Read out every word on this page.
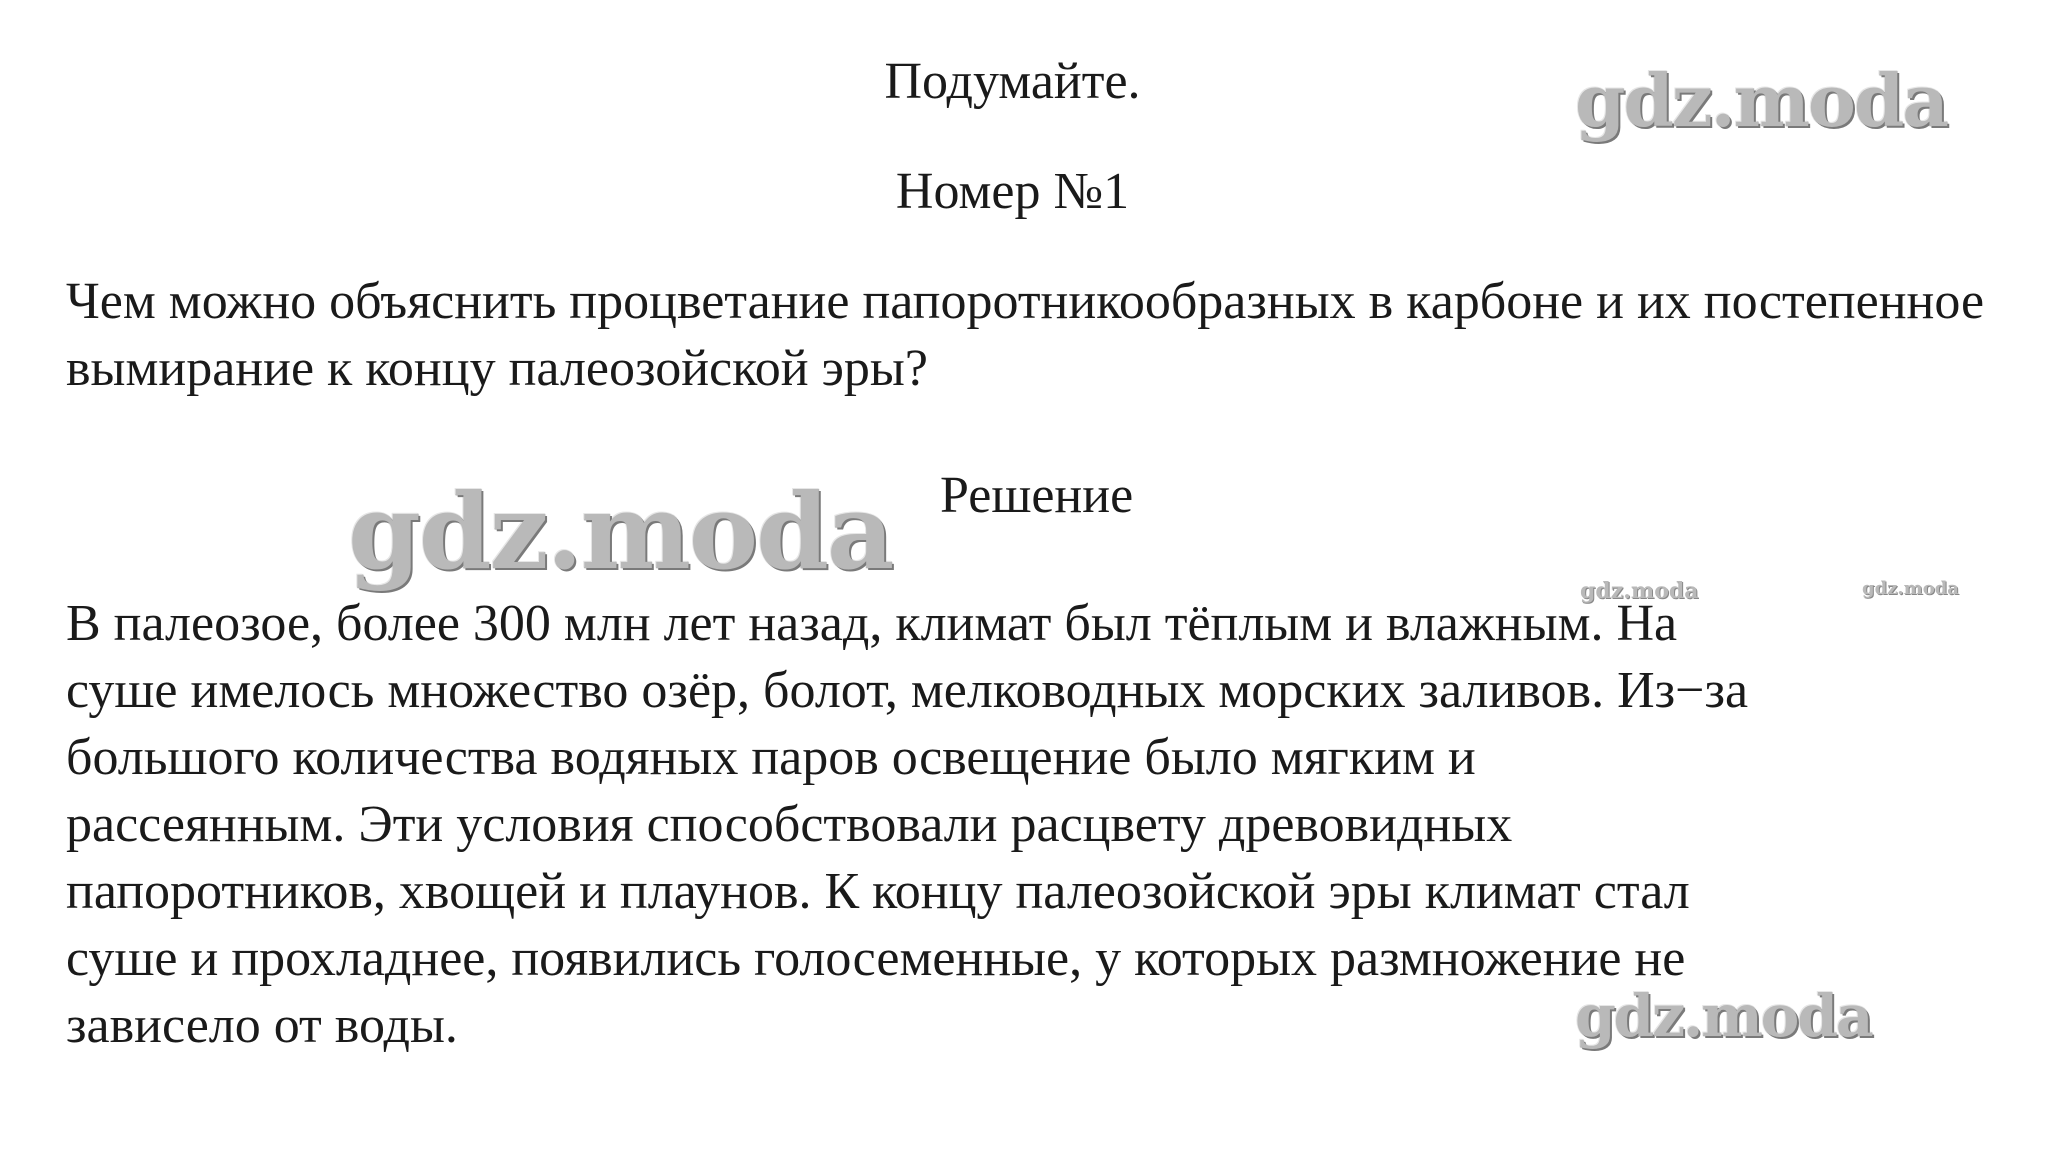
Подумайте.
Номер №1
Чем можно объяснить процветание папоротникообразных в карбоне и их постепенное вымирание к концу палеозойской эры?
Решение
В палеозое, более 300 млн лет назад, климат был тёплым и влажным. На
суше имелось множество озёр, болот, мелководных морских заливов. Из−за
большого количества водяных паров освещение было мягким и
рассеянным. Эти условия способствовали расцвету древовидных
папоротников, хвощей и плаунов. К концу палеозойской эры климат стал
суше и прохладнее, появились голосеменные, у которых размножение не
зависело от воды.
gdz.moda
gdz.moda	gdz.moda	gdz.moda
gdz.moda
